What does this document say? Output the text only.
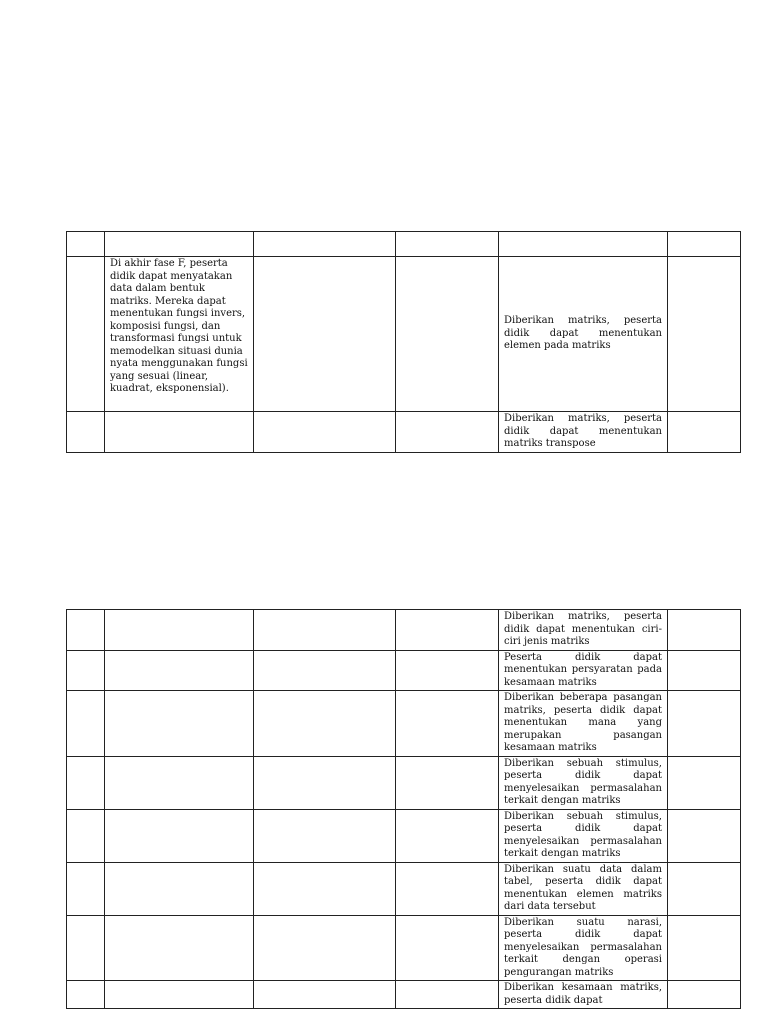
	Di akhir fase F, peserta didik dapat menyatakan data dalam bentuk matriks. Mereka dapat menentukan fungsi invers, komposisi fungsi, dan transformasi fungsi untuk memodelkan situasi dunia nyata menggunakan fungsi yang sesuai (linear, kuadrat, eksponensial).			Diberikan matriks, peserta didik dapat menentukan elemen pada matriks	
				Diberikan matriks, peserta didik dapat menentukan matriks transpose	
				Diberikan matriks, peserta didik dapat menentukan ciri-ciri jenis matriks	
				Peserta didik dapat menentukan persyaratan pada kesamaan matriks	
				Diberikan beberapa pasangan matriks, peserta didik dapat menentukan mana yang merupakan pasangan kesamaan matriks	
				Diberikan sebuah stimulus, peserta didik dapat menyelesaikan permasalahan terkait dengan matriks	
				Diberikan sebuah stimulus, peserta didik dapat menyelesaikan permasalahan terkait dengan matriks	
				Diberikan suatu data dalam tabel, peserta didik dapat menentukan elemen matriks dari data tersebut	
				Diberikan suatu narasi, peserta didik dapat menyelesaikan permasalahan terkait dengan operasi pengurangan matriks	
				Diberikan kesamaan matriks, peserta didik dapat	
